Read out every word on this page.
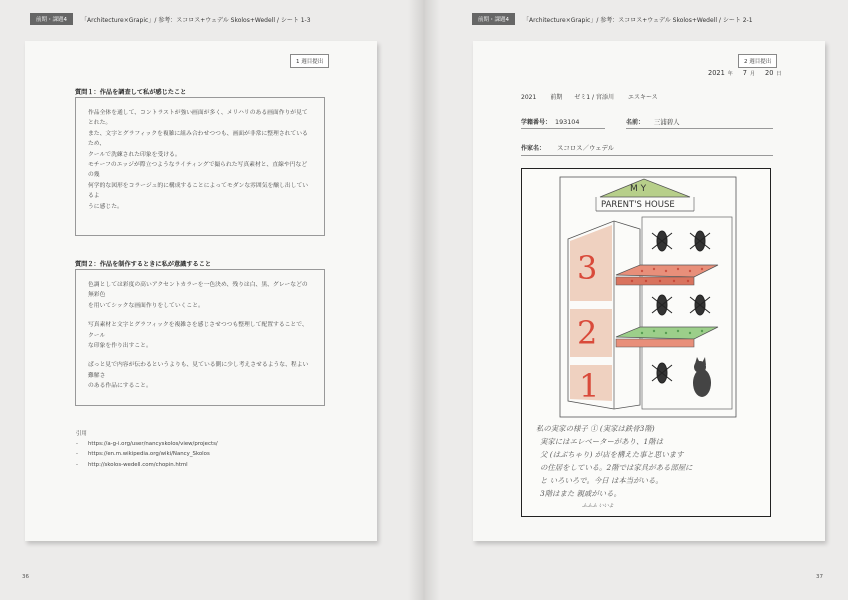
前期・課題4	「Architecture×Grapic」/ 参考：スコロス+ウェデル Skolos+Wedell / シート 1-3
1 週目提出
質問１：作品を調査して私が感じたこと

作品全体を通して、コントラストが強い画面が多く、メリハリのある画面作りが見てとれた。

また、文字とグラフィックを複雑に組み合わせつつも、画面が非常に整理されているため、

クールで洗練された印象を受ける。

モチーフのエッジが際立つようなライティングで撮られた写真素材と、直線や円などの幾

何学的な図形をコラージュ的に構成することによってモダンな雰囲気を醸し出しているよ

うに感じた。

質問２：作品を制作するときに私が意識すること

色調としては彩度の高いアクセントカラーを一色決め、残りは白、黒、グレーなどの無彩色

を用いてシックな画面作りをしていくこと。

写真素材と文字とグラフィックを複雑さを感じさせつつも整理して配置することで、クール

な印象を作り出すこと。

ぱっと見で内容が伝わるというよりも、見ている側に少し考えさせるような、程よい難解さ

のある作品にすること。

引用
-	https://a-g-i.org/user/nancyskolos/view/projects/
-	https://en.m.wikipedia.org/wiki/Nancy_Skolos
-	http://skolos-wedell.com/chopin.html
36
前期・課題4	「Architecture×Grapic」/ 参考：スコロス+ウェデル Skolos+Wedell / シート 2-1
2 週目提出
2021 年 7 月 20 日
2021 前期 ゼミ1 / 宮添川 エスキース
学籍番号： 193104	名前： 三浦碧人
作家名： スコロス／ウェデル
M Y
PARENT'S HOUSE
3
2
1
私の実家の様子 ① (実家は鉄骨3階)
実家にはエレベーターがあり、1階は
父 (はぶちゃり) が店を構えた事と思います
の住居をしている。2階では家具がある部屋に
と いろいろで。今日 は本当がいる。
3階はまた 親戚がいる。
ふふふ いいよ
37
